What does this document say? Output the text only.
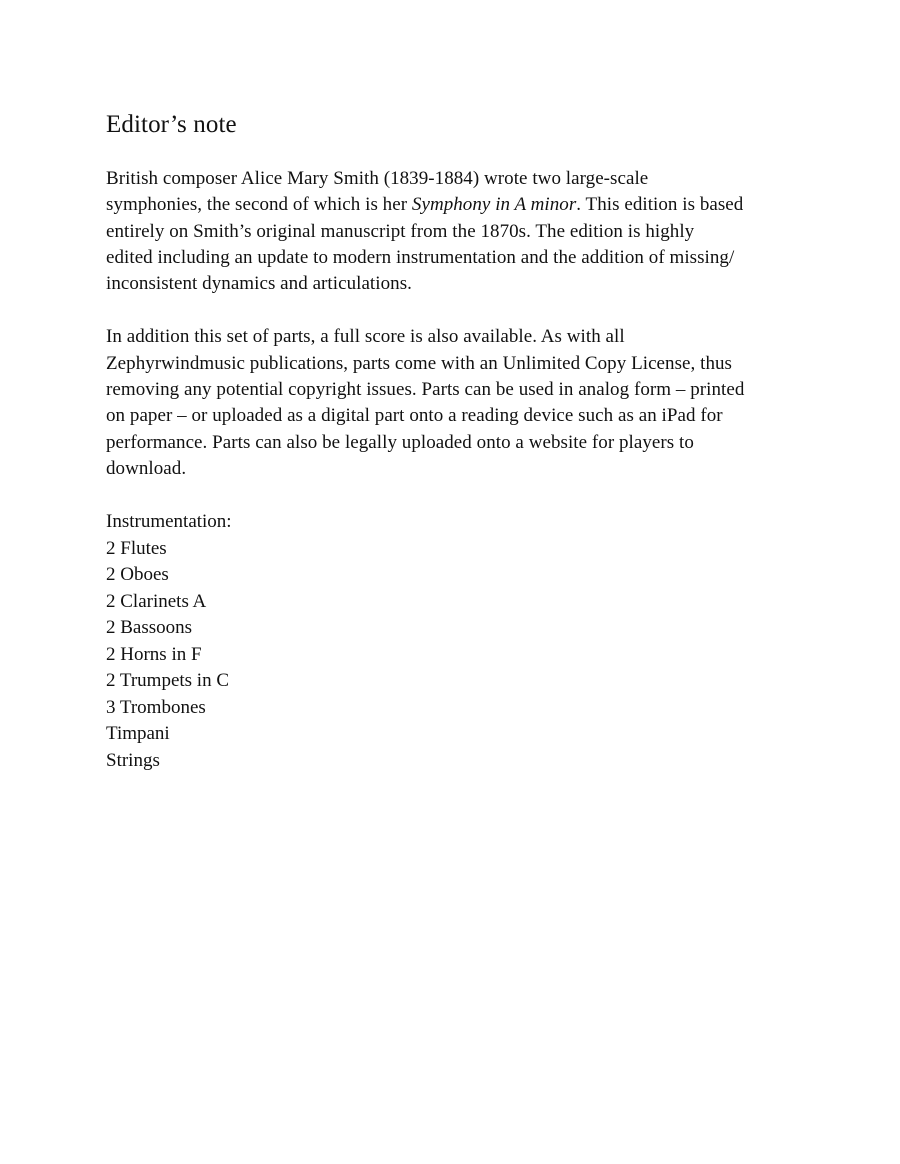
Editor’s note

British composer Alice Mary Smith (1839-1884) wrote two large-scale
symphonies, the second of which is her Symphony in A minor. This edition is based
entirely on Smith’s original manuscript from the 1870s. The edition is highly
edited including an update to modern instrumentation and the addition of missing/
inconsistent dynamics and articulations.

In addition this set of parts, a full score is also available. As with all
Zephyrwindmusic publications, parts come with an Unlimited Copy License, thus
removing any potential copyright issues. Parts can be used in analog form – printed
on paper – or uploaded as a digital part onto a reading device such as an iPad for
performance. Parts can also be legally uploaded onto a website for players to
download.

Instrumentation:
2 Flutes
2 Oboes
2 Clarinets A
2 Bassoons
2 Horns in F
2 Trumpets in C
3 Trombones
Timpani
Strings
